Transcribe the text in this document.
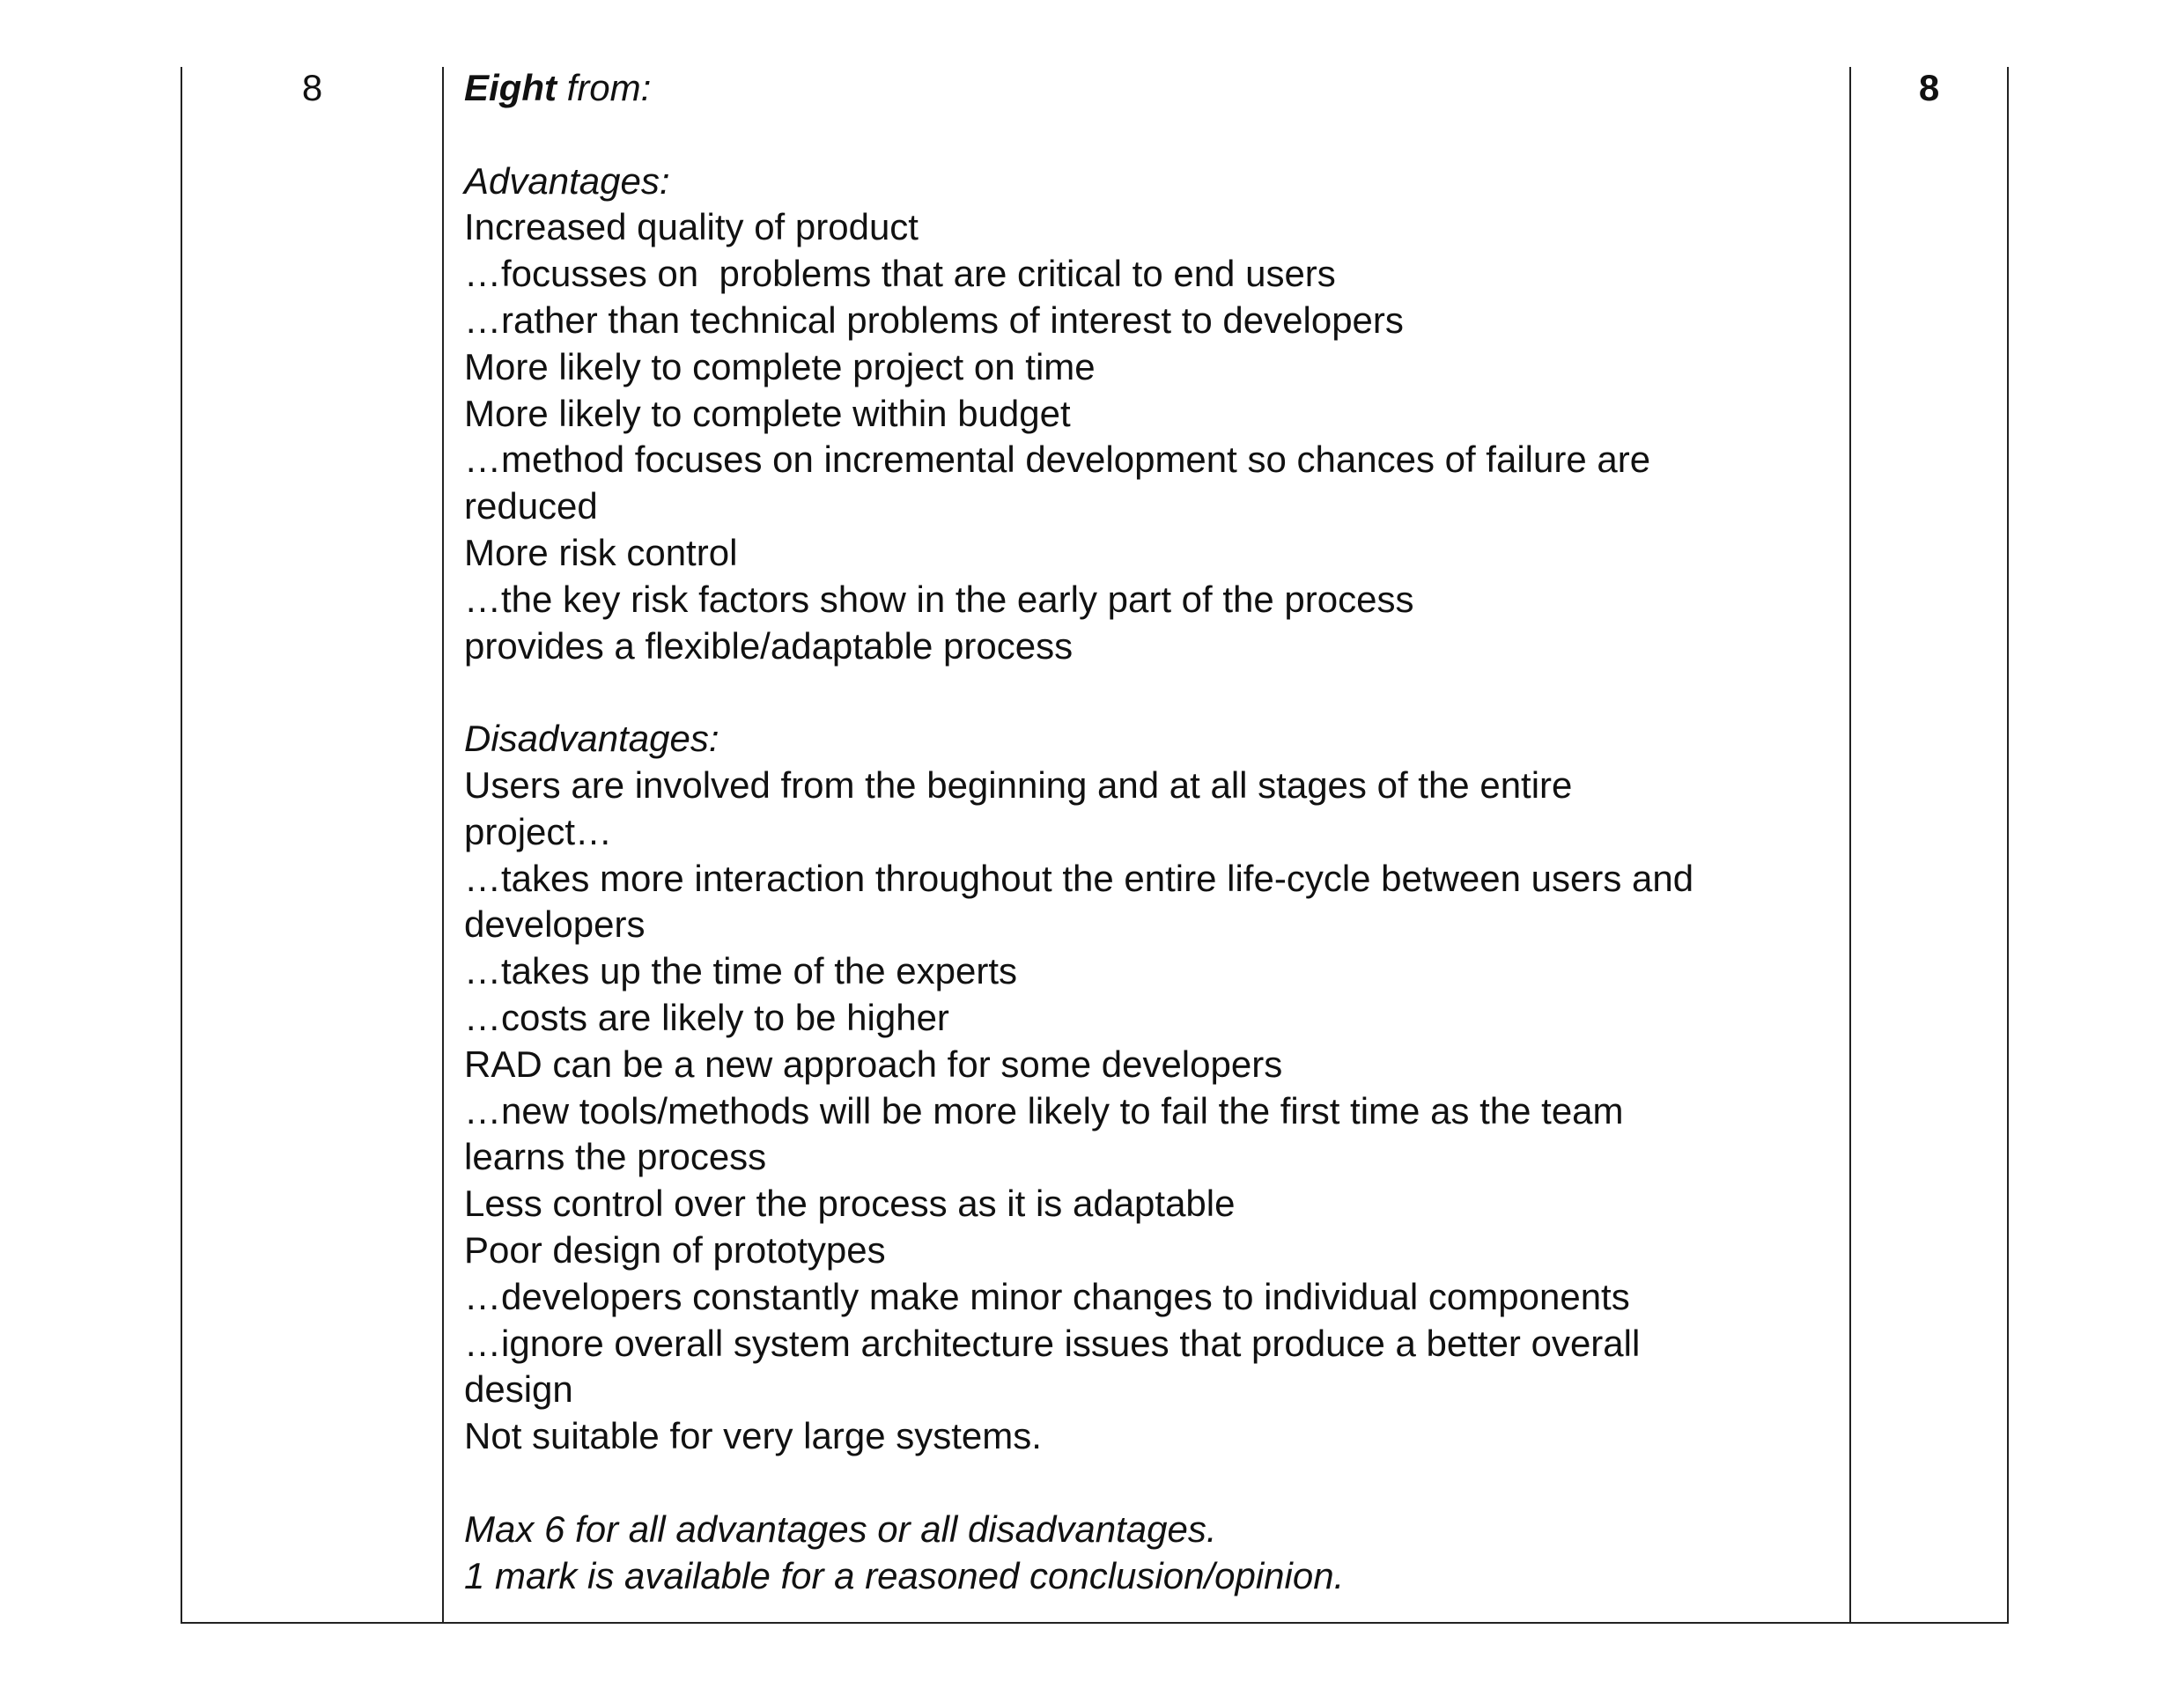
8	Eight from:
Advantages:
Increased quality of product
…focusses on  problems that are critical to end users
…rather than technical problems of interest to developers
More likely to complete project on time
More likely to complete within budget
…method focuses on incremental development so chances of failure are
reduced
More risk control
…the key risk factors show in the early part of the process
provides a flexible/adaptable process
Disadvantages:
Users are involved from the beginning and at all stages of the entire
project…
…takes more interaction throughout the entire life-cycle between users and
developers
…takes up the time of the experts
…costs are likely to be higher
RAD can be a new approach for some developers
…new tools/methods will be more likely to fail the first time as the team
learns the process
Less control over the process as it is adaptable
Poor design of prototypes
…developers constantly make minor changes to individual components
…ignore overall system architecture issues that produce a better overall
design
Not suitable for very large systems.
Max 6 for all advantages or all disadvantages.
1 mark is available for a reasoned conclusion/opinion.
8
